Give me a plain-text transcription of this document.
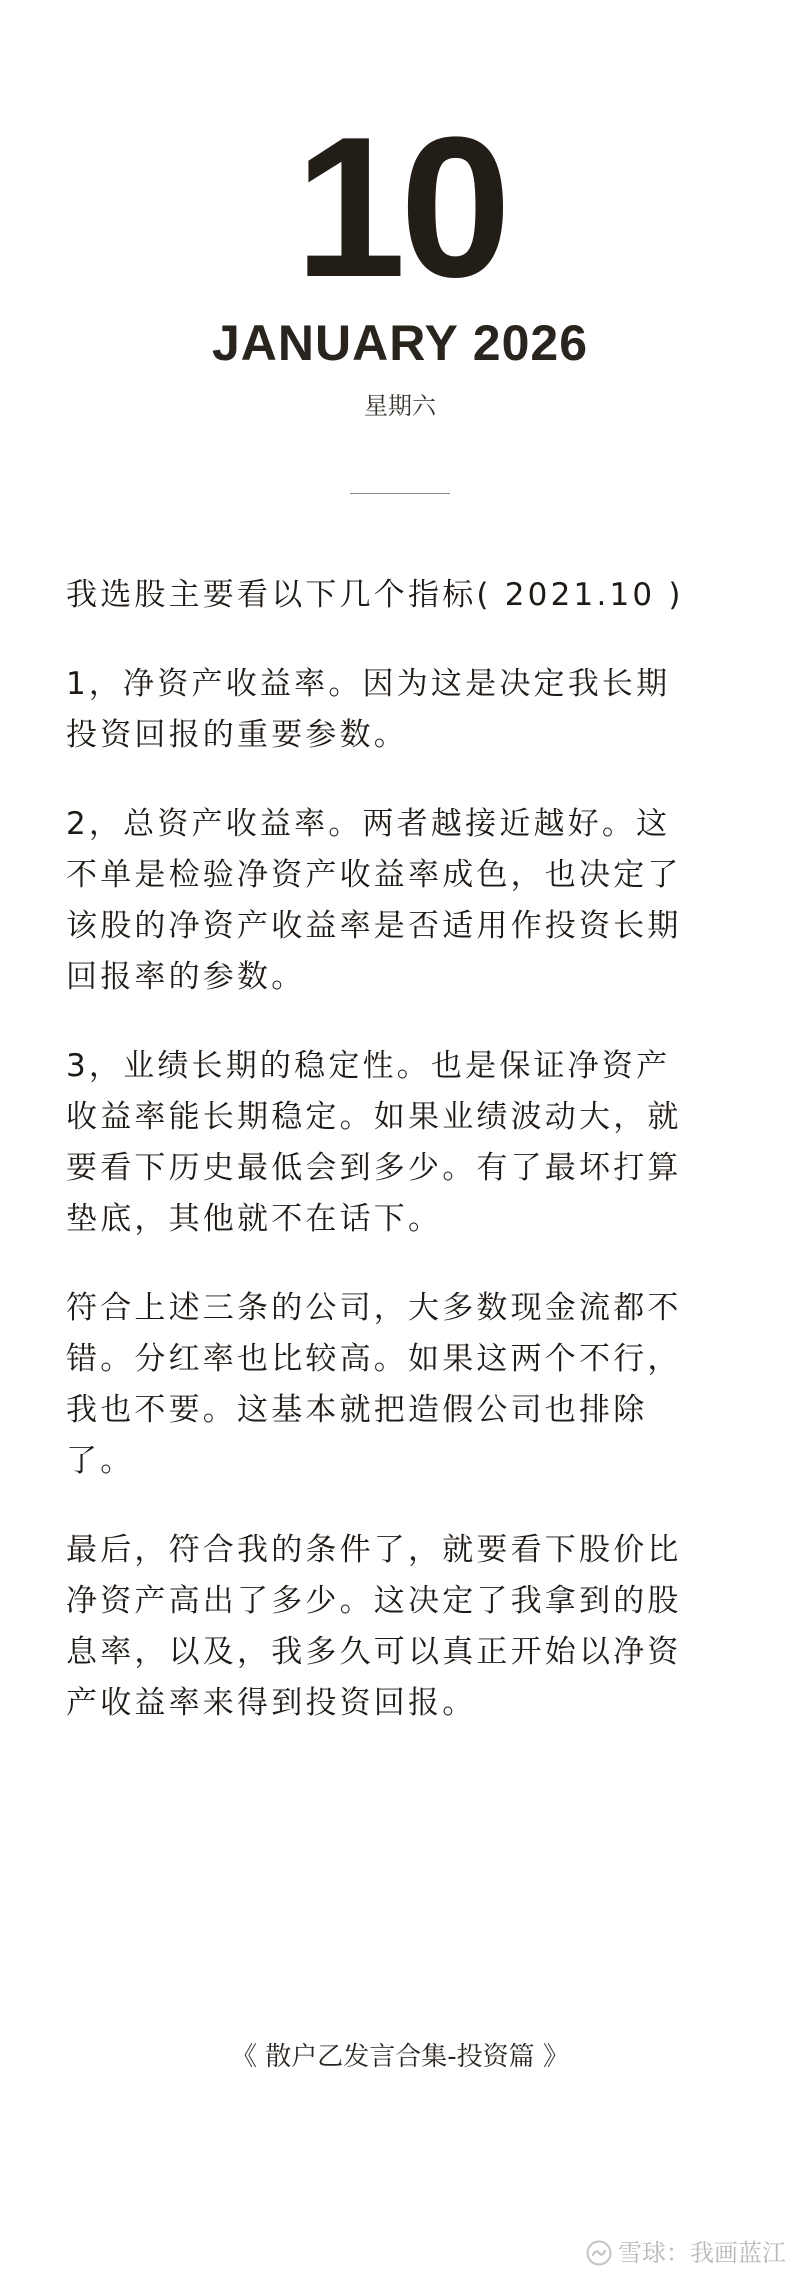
10
JANUARY 2026
星期六

我选股主要看以下几个指标( 2021.10 )

1，净资产收益率。因为这是决定我长期
投资回报的重要参数。

2，总资产收益率。两者越接近越好。这
不单是检验净资产收益率成色，也决定了
该股的净资产收益率是否适用作投资长期
回报率的参数。

3，业绩长期的稳定性。也是保证净资产
收益率能长期稳定。如果业绩波动大，就
要看下历史最低会到多少。有了最坏打算
垫底，其他就不在话下。

符合上述三条的公司，大多数现金流都不
错。分红率也比较高。如果这两个不行，
我也不要。这基本就把造假公司也排除
了。

最后，符合我的条件了，就要看下股价比
净资产高出了多少。这决定了我拿到的股
息率，以及，我多久可以真正开始以净资
产收益率来得到投资回报。

《 散户乙发言合集-投资篇 》
雪球：我画蓝江
